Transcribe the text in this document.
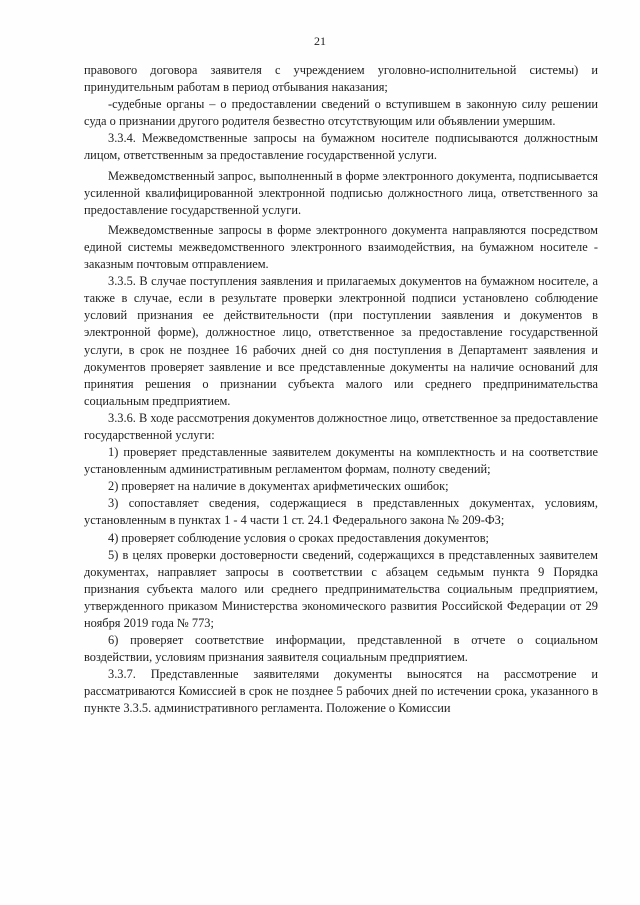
21

правового договора заявителя с учреждением уголовно-исполнительной системы) и принудительным работам в период отбывания наказания;

-судебные органы – о предоставлении сведений о вступившем в законную силу решении суда о признании другого родителя безвестно отсутствующим или объявлении умершим.

3.3.4. Межведомственные запросы на бумажном носителе подписываются должностным лицом, ответственным за предоставление государственной услуги.

Межведомственный запрос, выполненный в форме электронного документа, подписывается усиленной квалифицированной электронной подписью должностного лица, ответственного за предоставление государственной услуги.

Межведомственные запросы в форме электронного документа направляются посредством единой системы межведомственного электронного взаимодействия, на бумажном носителе - заказным почтовым отправлением.

3.3.5. В случае поступления заявления и прилагаемых документов на бумажном носителе, а также в случае, если в результате проверки электронной подписи установлено соблюдение условий признания ее действительности (при поступлении заявления и документов в электронной форме), должностное лицо, ответственное за предоставление государственной услуги, в срок не позднее 16 рабочих дней со дня поступления в Департамент заявления и документов проверяет заявление и все представленные документы на наличие оснований для принятия решения о признании субъекта малого или среднего предпринимательства социальным предприятием.

3.3.6. В ходе рассмотрения документов должностное лицо, ответственное за предоставление государственной услуги:

1) проверяет представленные заявителем документы на комплектность и на соответствие установленным административным регламентом формам, полноту сведений;

2) проверяет на наличие в документах арифметических ошибок;

3) сопоставляет сведения, содержащиеся в представленных документах, условиям, установленным в пунктах 1 - 4 части 1 ст. 24.1 Федерального закона № 209-ФЗ;

4) проверяет соблюдение условия о сроках предоставления документов;

5) в целях проверки достоверности сведений, содержащихся в представленных заявителем документах, направляет запросы в соответствии с абзацем седьмым пункта 9 Порядка признания субъекта малого или среднего предпринимательства социальным предприятием, утвержденного приказом Министерства экономического развития Российской Федерации от 29 ноября 2019 года № 773;

6) проверяет соответствие информации, представленной в отчете о социальном воздействии, условиям признания заявителя социальным предприятием.

3.3.7. Представленные заявителями документы выносятся на рассмотрение и рассматриваются Комиссией в срок не позднее 5 рабочих дней по истечении срока, указанного в пункте 3.3.5. административного регламента. Положение о Комиссии
